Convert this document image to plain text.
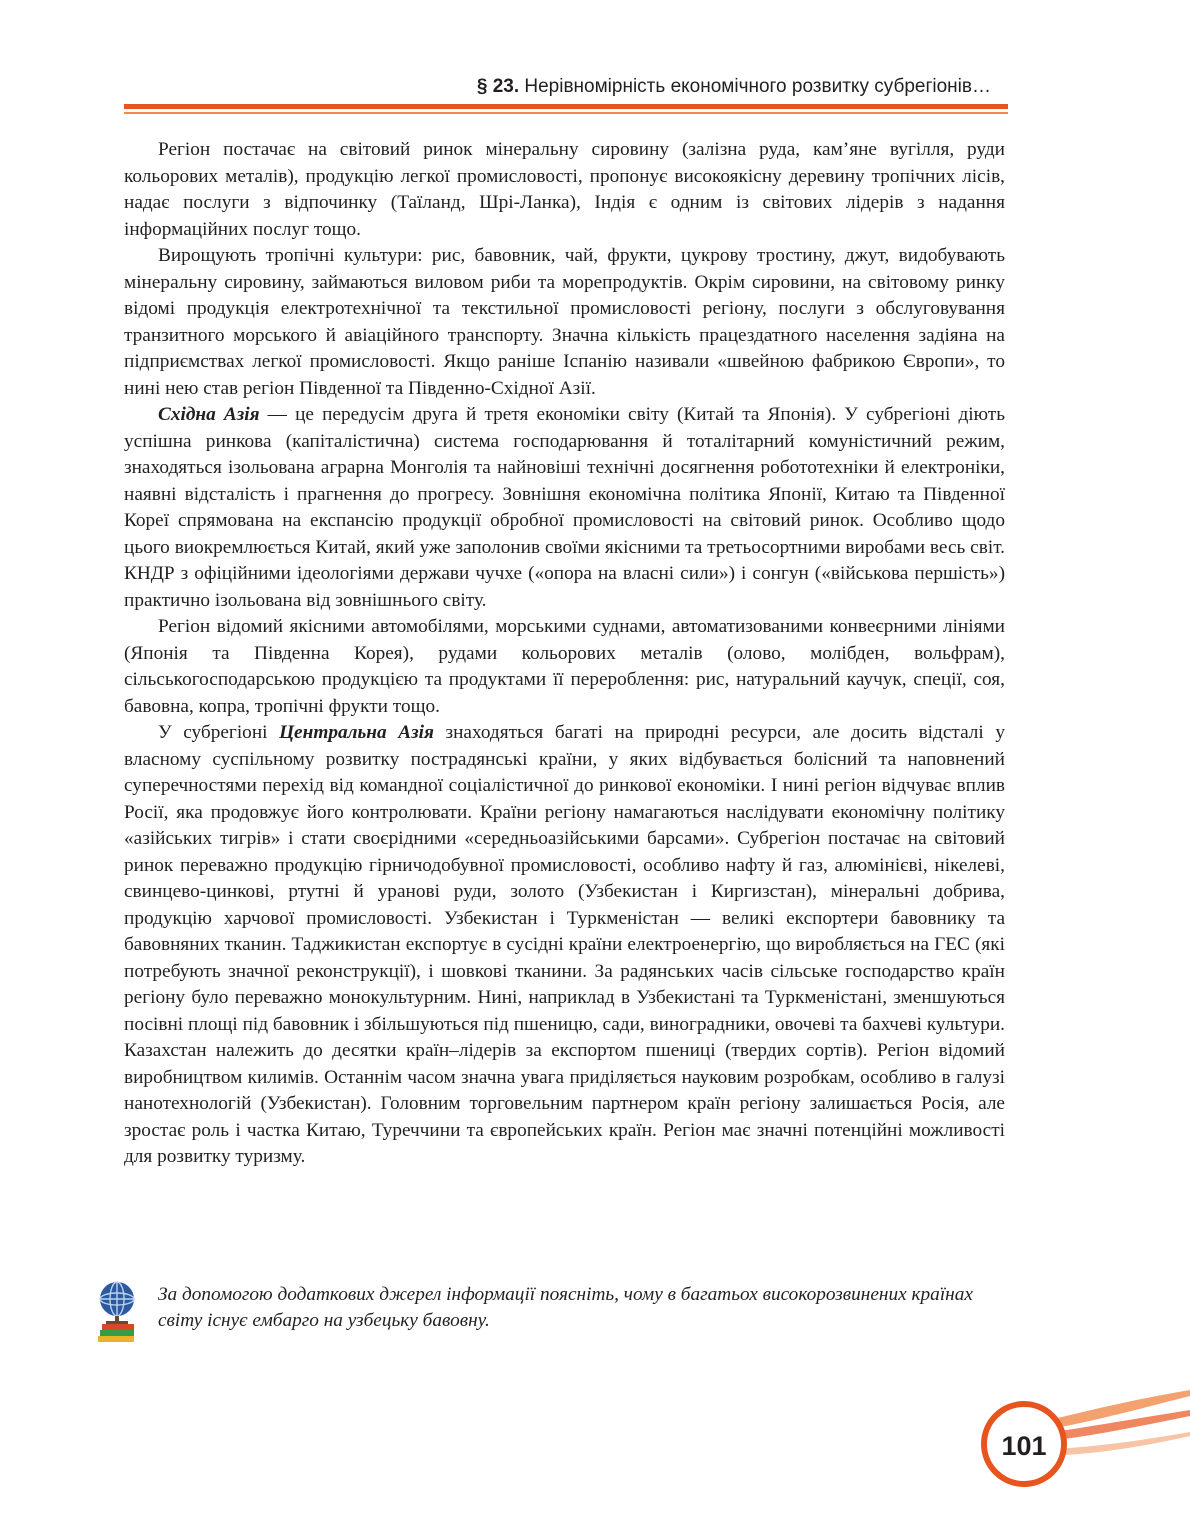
§ 23. Нерівномірність економічного розвитку субрегіонів…

Регіон постачає на світовий ринок мінеральну сировину (залізна руда, кам’яне вугілля, руди кольорових металів), продукцію легкої промисловості, пропонує високоякісну деревину тропічних лісів, надає послуги з відпочинку (Таїланд, Шрі-Ланка), Індія є одним із світових лідерів з надання інформаційних послуг тощо.

Вирощують тропічні культури: рис, бавовник, чай, фрукти, цукрову тростину, джут, видобувають мінеральну сировину, займаються виловом риби та морепродуктів. Окрім сировини, на світовому ринку відомі продукція електротехнічної та текстильної промисловості регіону, послуги з обслуговування транзитного морського й авіаційного транспорту. Значна кількість працездатного населення задіяна на підприємствах легкої промисловості. Якщо раніше Іспанію називали «швейною фабрикою Європи», то нині нею став регіон Південної та Південно-Східної Азії.

Східна Азія — це передусім друга й третя економіки світу (Китай та Японія). У субрегіоні діють успішна ринкова (капіталістична) система господарювання й тоталітарний комуністичний режим, знаходяться ізольована аграрна Монголія та найновіші технічні досягнення робототехніки й електроніки, наявні відсталість і прагнення до прогресу. Зовнішня економічна політика Японії, Китаю та Південної Кореї спрямована на експансію продукції обробної промисловості на світовий ринок. Особливо щодо цього виокремлюється Китай, який уже заполонив своїми якісними та третьосортними виробами весь світ. КНДР з офіційними ідеологіями держави чучхе («опора на власні сили») і сонгун («військова першість») практично ізольована від зовнішнього світу.

Регіон відомий якісними автомобілями, морськими суднами, автоматизованими конвеєрними лініями (Японія та Південна Корея), рудами кольорових металів (олово, молібден, вольфрам), сільськогосподарською продукцією та продуктами її перероблення: рис, натуральний каучук, спеції, соя, бавовна, копра, тропічні фрукти тощо.

У субрегіоні Центральна Азія знаходяться багаті на природні ресурси, але досить відсталі у власному суспільному розвитку пострадянські країни, у яких відбувається болісний та наповнений суперечностями перехід від командної соціалістичної до ринкової економіки. І нині регіон відчуває вплив Росії, яка продовжує його контролювати. Країни регіону намагаються наслідувати економічну політику «азійських тигрів» і стати своєрідними «середньоазійськими барсами». Субрегіон постачає на світовий ринок переважно продукцію гірничодобувної промисловості, особливо нафту й газ, алюмінієві, нікелеві, свинцево-цинкові, ртутні й уранові руди, золото (Узбекистан і Киргизстан), мінеральні добрива, продукцію харчової промисловості. Узбекистан і Туркменістан — великі експортери бавовнику та бавовняних тканин. Таджикистан експортує в сусідні країни електроенергію, що виробляється на ГЕС (які потребують значної реконструкції), і шовкові тканини. За радянських часів сільське господарство країн регіону було переважно монокультурним. Нині, наприклад в Узбекистані та Туркменістані, зменшуються посівні площі під бавовник і збільшуються під пшеницю, сади, виноградники, овочеві та бахчеві культури. Казахстан належить до десятки країн–лідерів за експортом пшениці (твердих сортів). Регіон відомий виробництвом килимів. Останнім часом значна увага приділяється науковим розробкам, особливо в галузі нанотехнологій (Узбекистан). Головним торговельним партнером країн регіону залишається Росія, але зростає роль і частка Китаю, Туреччини та європейських країн. Регіон має значні потенційні можливості для розвитку туризму.

За допомогою додаткових джерел інформації поясніть, чому в багатьох високорозвинених країнах світу існує ембарго на узбецьку бавовну.
101
